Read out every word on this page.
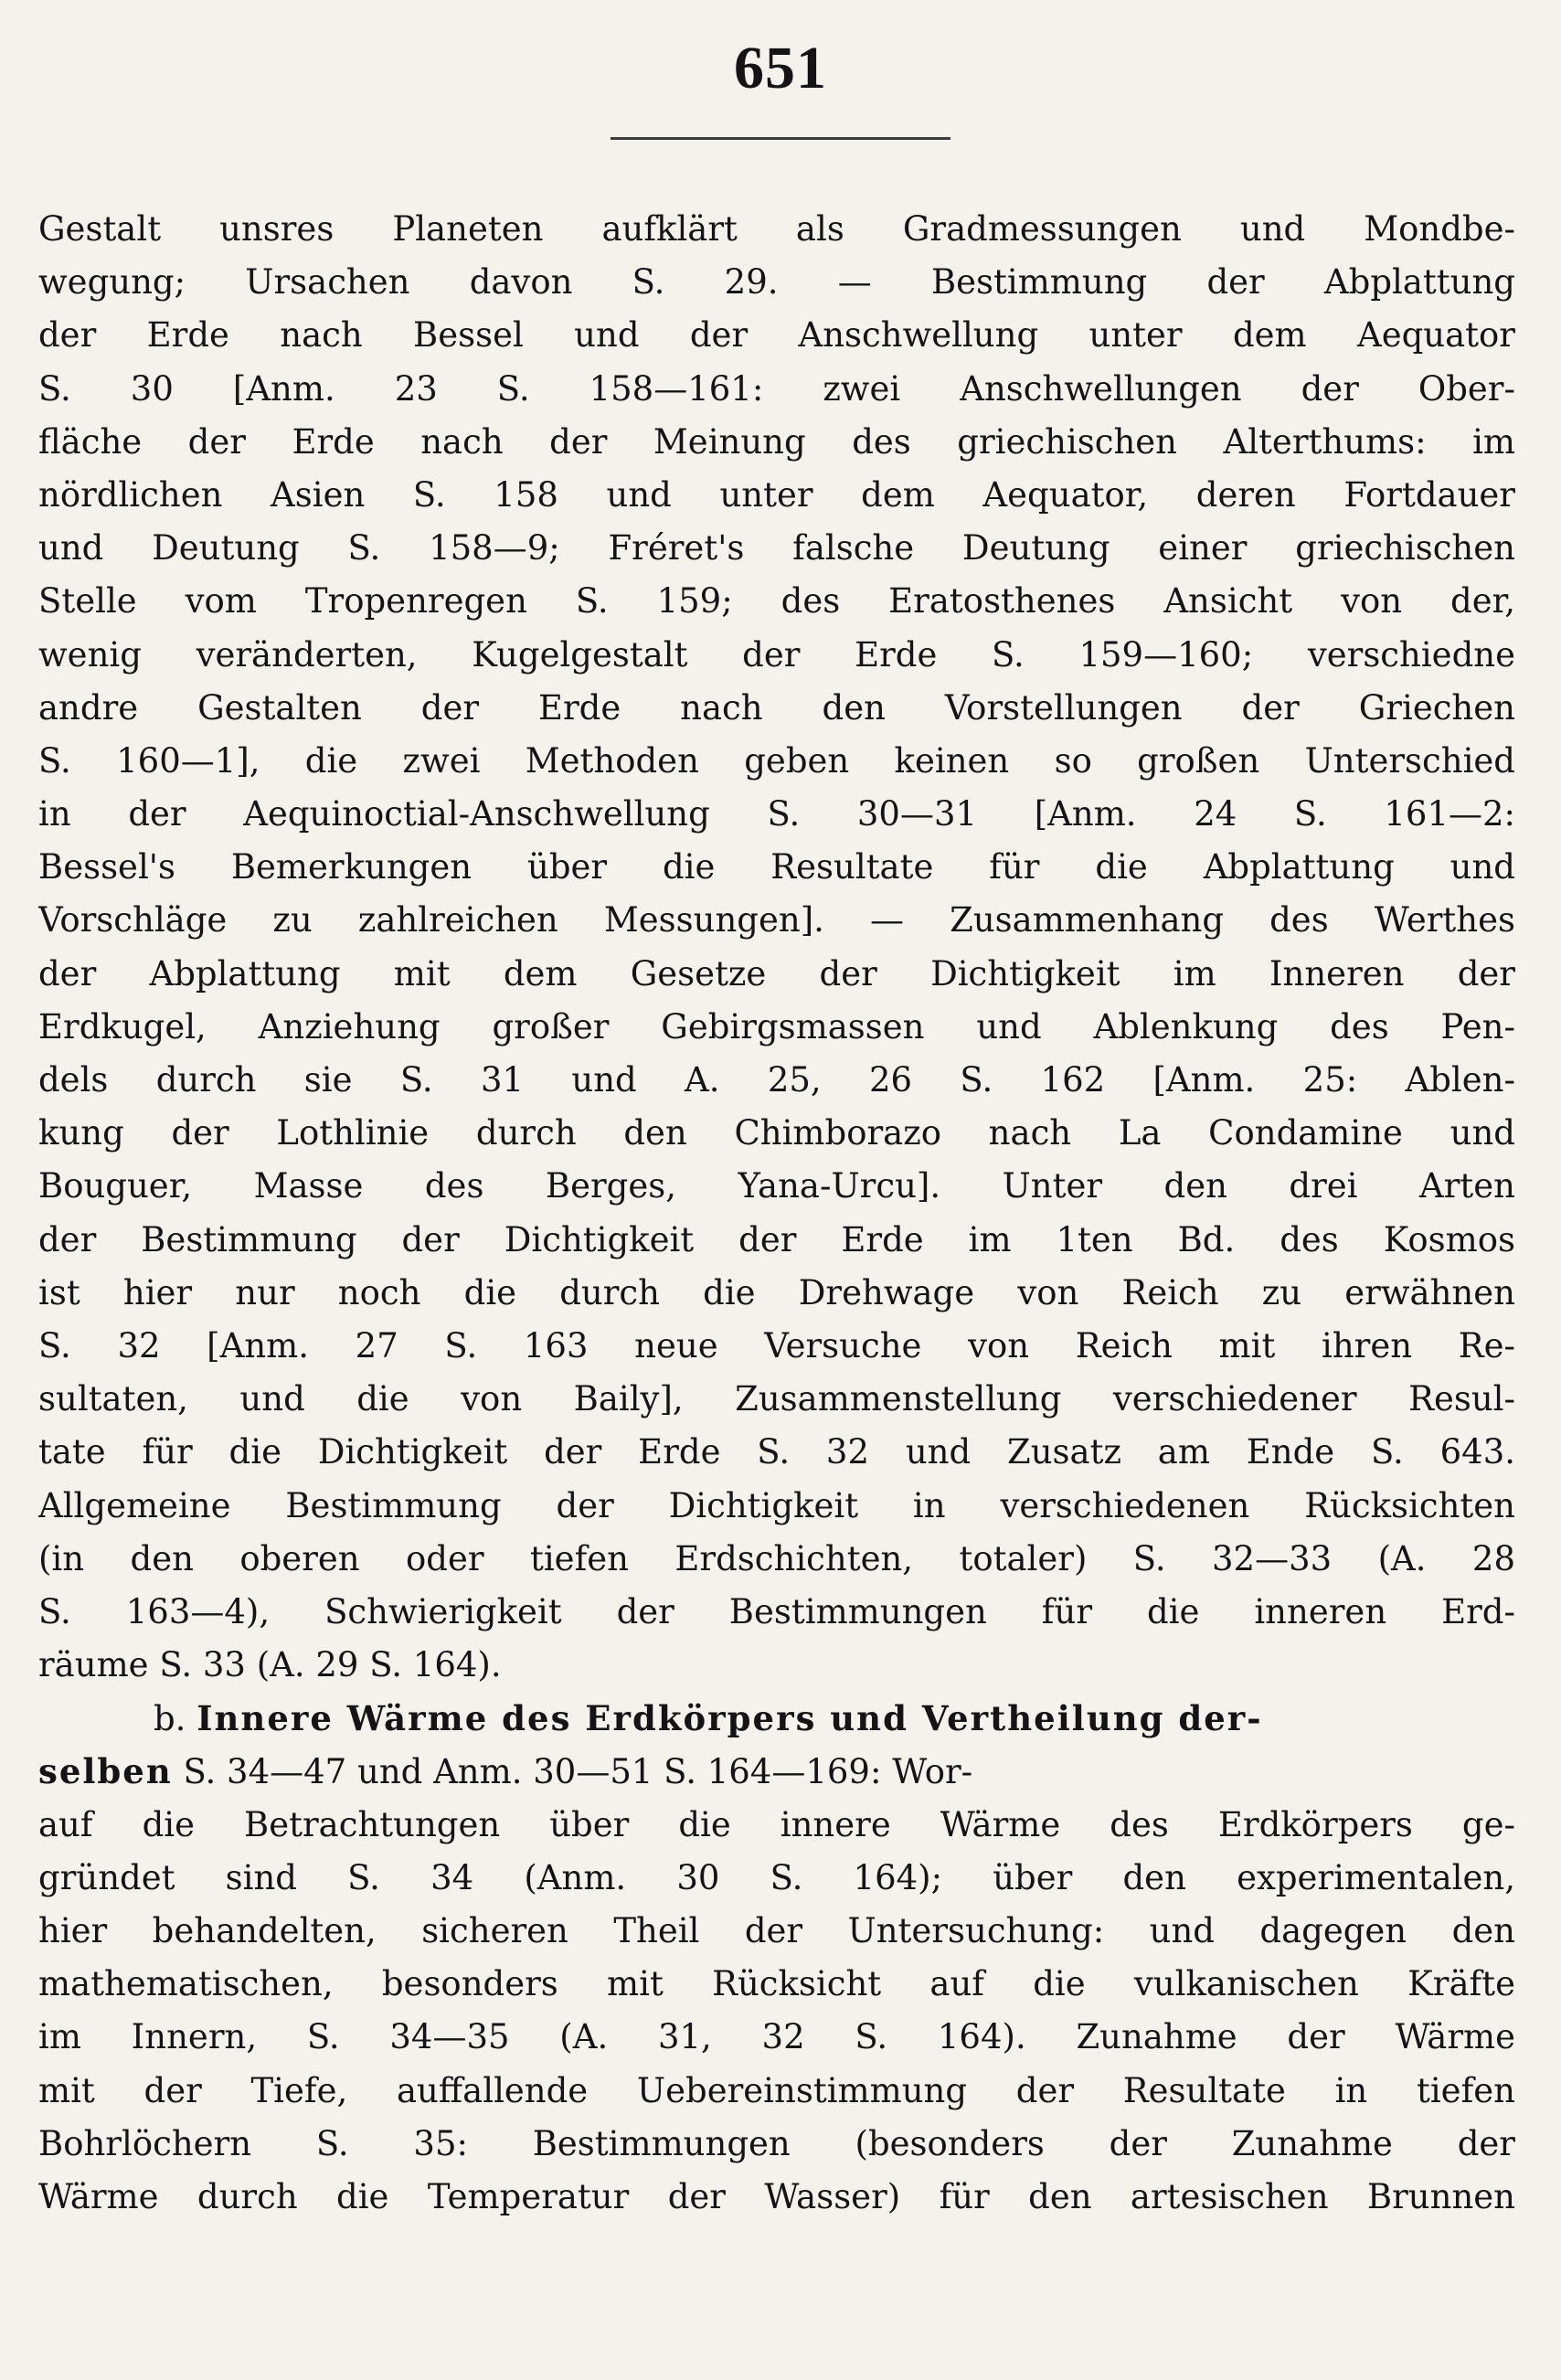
651
Gestalt unsres Planeten aufklärt als Gradmessungen und Mondbe-
wegung; Ursachen davon S. 29. — Bestimmung der Abplattung
der Erde nach Bessel und der Anschwellung unter dem Aequator
S. 30 [Anm. 23 S. 158—161: zwei Anschwellungen der Ober-
fläche der Erde nach der Meinung des griechischen Alterthums: im
nördlichen Asien S. 158 und unter dem Aequator, deren Fortdauer
und Deutung S. 158—9; Fréret's falsche Deutung einer griechischen
Stelle vom Tropenregen S. 159; des Eratosthenes Ansicht von der,
wenig veränderten, Kugelgestalt der Erde S. 159—160; verschiedne
andre Gestalten der Erde nach den Vorstellungen der Griechen
S. 160—1], die zwei Methoden geben keinen so großen Unterschied
in der Aequinoctial-Anschwellung S. 30—31 [Anm. 24 S. 161—2:
Bessel's Bemerkungen über die Resultate für die Abplattung und
Vorschläge zu zahlreichen Messungen]. — Zusammenhang des Werthes
der Abplattung mit dem Gesetze der Dichtigkeit im Inneren der
Erdkugel, Anziehung großer Gebirgsmassen und Ablenkung des Pen-
dels durch sie S. 31 und A. 25, 26 S. 162 [Anm. 25: Ablen-
kung der Lothlinie durch den Chimborazo nach La Condamine und
Bouguer, Masse des Berges, Yana-Urcu]. Unter den drei Arten
der Bestimmung der Dichtigkeit der Erde im 1ten Bd. des Kosmos
ist hier nur noch die durch die Drehwage von Reich zu erwähnen
S. 32 [Anm. 27 S. 163 neue Versuche von Reich mit ihren Re-
sultaten, und die von Baily], Zusammenstellung verschiedener Resul-
tate für die Dichtigkeit der Erde S. 32 und Zusatz am Ende S. 643.
Allgemeine Bestimmung der Dichtigkeit in verschiedenen Rücksichten
(in den oberen oder tiefen Erdschichten, totaler) S. 32—33 (A. 28
S. 163—4), Schwierigkeit der Bestimmungen für die inneren Erd-
räume S. 33 (A. 29 S. 164).
b. Innere Wärme des Erdkörpers und Vertheilung der-
selben S. 34—47 und Anm. 30—51 S. 164—169: Wor-
auf die Betrachtungen über die innere Wärme des Erdkörpers ge-
gründet sind S. 34 (Anm. 30 S. 164); über den experimentalen,
hier behandelten, sicheren Theil der Untersuchung: und dagegen den
mathematischen, besonders mit Rücksicht auf die vulkanischen Kräfte
im Innern, S. 34—35 (A. 31, 32 S. 164). Zunahme der Wärme
mit der Tiefe, auffallende Uebereinstimmung der Resultate in tiefen
Bohrlöchern S. 35: Bestimmungen (besonders der Zunahme der
Wärme durch die Temperatur der Wasser) für den artesischen Brunnen
